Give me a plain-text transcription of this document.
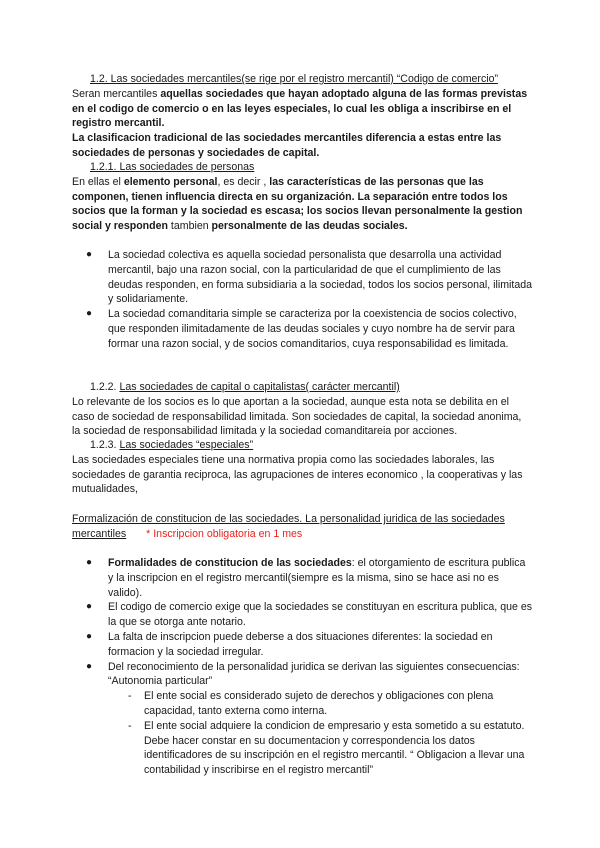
1.2. Las sociedades mercantiles(se rige por el registro mercantil) “Codigo de comercio”

Seran mercantiles aquellas sociedades que hayan adoptado alguna de las formas previstas en el codigo de comercio o en las leyes especiales, lo cual les obliga a inscribirse en el registro mercantil.

La clasificacion tradicional de las sociedades mercantiles diferencia a estas entre las sociedades de personas y sociedades de capital.

1.2.1. Las sociedades de personas

En ellas el elemento personal, es decir , las características de las personas que las componen, tienen influencia directa en su organización. La separación entre todos los socios que la forman y la sociedad es escasa; los socios llevan personalmente la gestion social y responden tambien personalmente de las deudas sociales.

● La sociedad colectiva es aquella sociedad personalista que desarrolla una actividad mercantil, bajo una razon social, con la particularidad de que el cumplimiento de las deudas responden, en forma subsidiaria a la sociedad, todos los socios personal, ilimitada y solidariamente.
● La sociedad comanditaria simple se caracteriza por la coexistencia de socios colectivo, que responden ilimitadamente de las deudas sociales y cuyo nombre ha de servir para formar una razon social, y de socios comanditarios, cuya responsabilidad es limitada.

1.2.2. Las sociedades de capital o capitalistas( carácter mercantil)

Lo relevante de los socios es lo que aportan a la sociedad, aunque esta nota se debilita en el caso de sociedad de responsabilidad limitada. Son sociedades de capital, la sociedad anonima, la sociedad de responsabilidad limitada y la sociedad comanditareia por acciones.

1.2.3. Las sociedades “especiales”

Las sociedades especiales tiene una normativa propia como las sociedades laborales, las sociedades de garantia reciproca, las agrupaciones de interes economico , la cooperativas y las mutualidades,

Formalización de constitucion de las sociedades. La personalidad juridica de las sociedades mercantiles * Inscripcion obligatoria en 1 mes

● Formalidades de constitucion de las sociedades: el otorgamiento de escritura publica y la inscripcion en el registro mercantil(siempre es la misma, sino se hace asi no es valido).
● El codigo de comercio exige que la sociedades se constituyan en escritura publica, que es la que se otorga ante notario.
● La falta de inscripcion puede deberse a dos situaciones diferentes: la sociedad en formacion y la sociedad irregular.
● Del reconocimiento de la personalidad juridica se derivan las siguientes consecuencias: “Autonomia particular”
- El ente social es considerado sujeto de derechos y obligaciones con plena capacidad, tanto externa como interna.
- El ente social adquiere la condicion de empresario y esta sometido a su estatuto. Debe hacer constar en su documentacion y correspondencia los datos identificadores de su inscripción en el registro mercantil. “ Obligacion a llevar una contabilidad y inscribirse en el registro mercantil”
